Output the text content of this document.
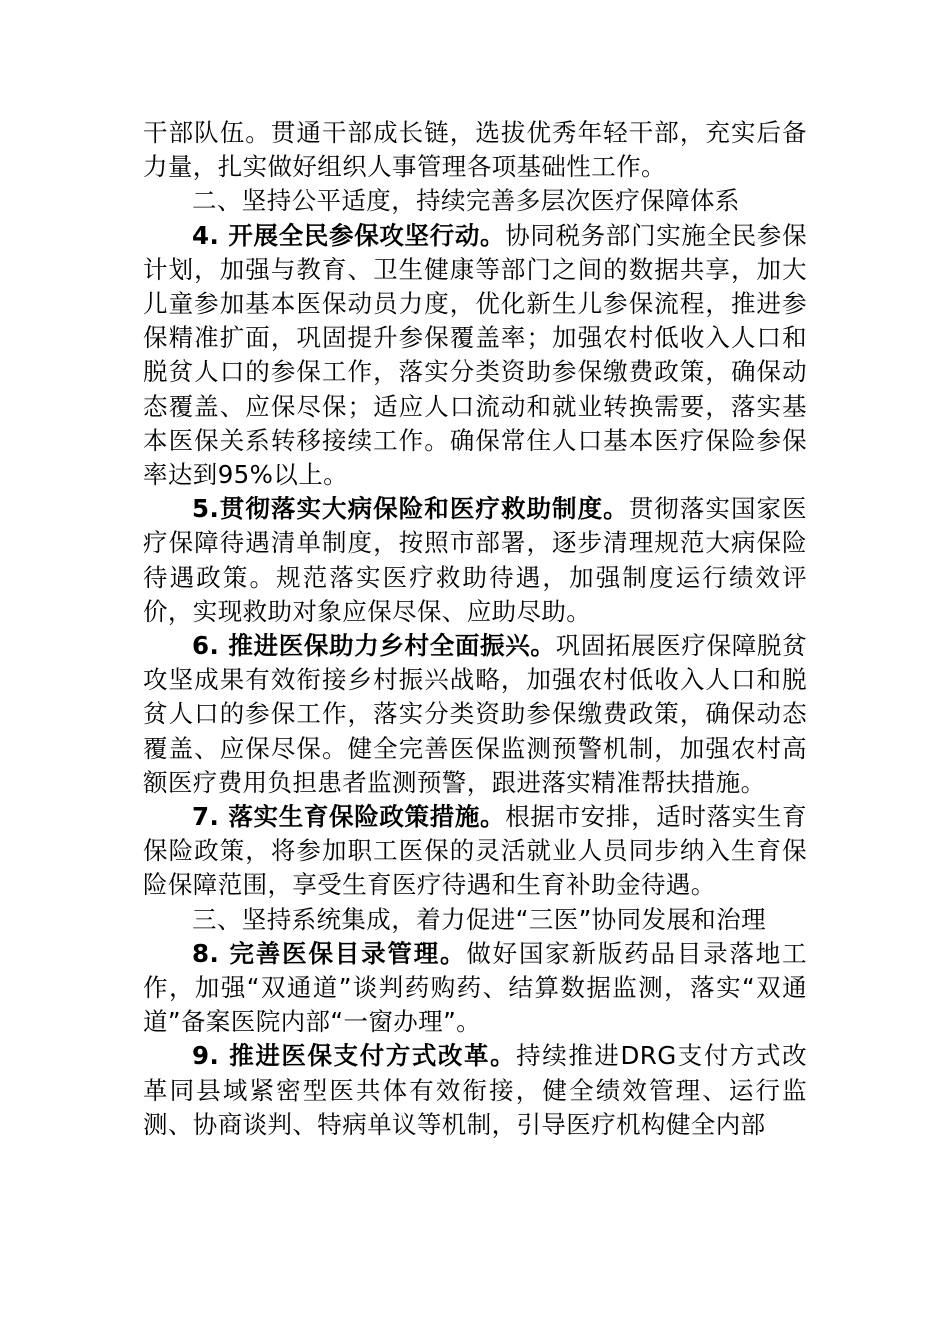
干部队伍。贯通干部成长链，选拔优秀年轻干部，充实后备力量，扎实做好组织人事管理各项基础性工作。

二、坚持公平适度，持续完善多层次医疗保障体系

4. 开展全民参保攻坚行动。协同税务部门实施全民参保计划，加强与教育、卫生健康等部门之间的数据共享，加大儿童参加基本医保动员力度，优化新生儿参保流程，推进参保精准扩面，巩固提升参保覆盖率；加强农村低收入人口和脱贫人口的参保工作，落实分类资助参保缴费政策，确保动态覆盖、应保尽保；适应人口流动和就业转换需要，落实基本医保关系转移接续工作。确保常住人口基本医疗保险参保率达到95%以上。

5.贯彻落实大病保险和医疗救助制度。贯彻落实国家医疗保障待遇清单制度，按照市部署，逐步清理规范大病保险待遇政策。规范落实医疗救助待遇，加强制度运行绩效评价，实现救助对象应保尽保、应助尽助。

6. 推进医保助力乡村全面振兴。巩固拓展医疗保障脱贫攻坚成果有效衔接乡村振兴战略，加强农村低收入人口和脱贫人口的参保工作，落实分类资助参保缴费政策，确保动态覆盖、应保尽保。健全完善医保监测预警机制，加强农村高额医疗费用负担患者监测预警，跟进落实精准帮扶措施。

7. 落实生育保险政策措施。根据市安排，适时落实生育保险政策，将参加职工医保的灵活就业人员同步纳入生育保险保障范围，享受生育医疗待遇和生育补助金待遇。

三、坚持系统集成，着力促进“三医”协同发展和治理

8. 完善医保目录管理。做好国家新版药品目录落地工作，加强“双通道”谈判药购药、结算数据监测，落实“双通道”备案医院内部“一窗办理”。

9. 推进医保支付方式改革。持续推进DRG支付方式改革同县域紧密型医共体有效衔接，健全绩效管理、运行监测、协商谈判、特病单议等机制，引导医疗机构健全内部
